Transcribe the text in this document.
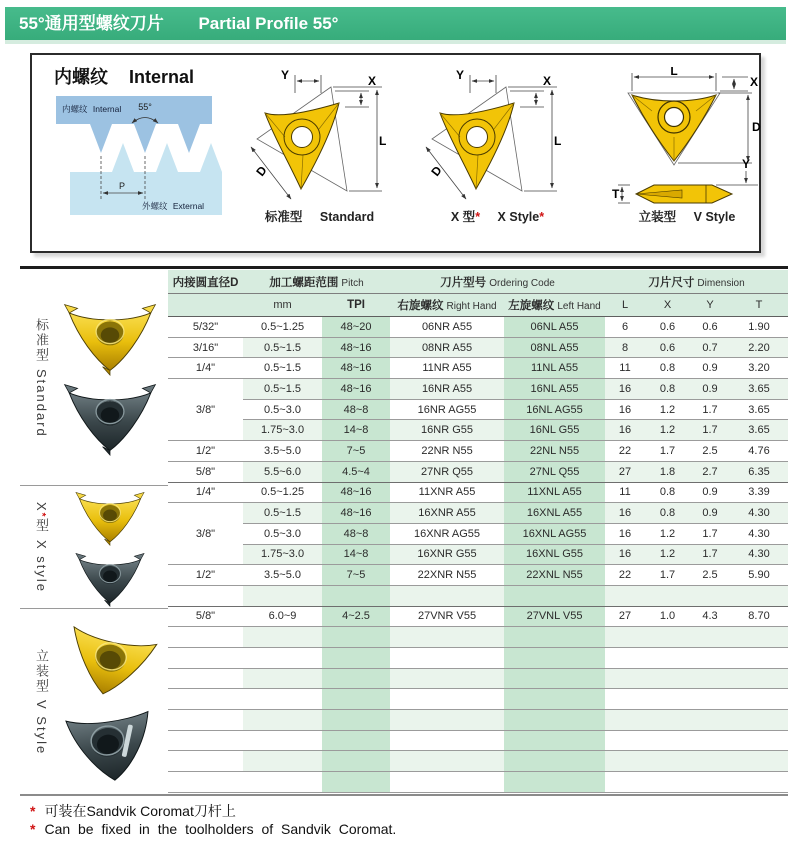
55°通用型螺纹刀片 Partial Profile 55°
内螺纹 Internal
55°
P
内螺纹 Internal
外螺纹 External
Y	X
L
D
标准型 Standard
Y	X
L
D
X 型* X Style*
L
X
D
T
Y
立装型 V Style
标准型Standard
X*型X style
立装型V Style
内接圆直径D	加工螺距范围 Pitch		刀片型号 Ordering Code		刀片尺寸 Dimension			
	mm	TPI	右旋螺纹 Right Hand	左旋螺纹 Left Hand	L	X	Y	T
5/32"	0.5~1.25	48~20	06NR A55	06NL A55	6	0.6	0.6	1.90
3/16"	0.5~1.5	48~16	08NR A55	08NL A55	8	0.6	0.7	2.20
1/4"	0.5~1.5	48~16	11NR A55	11NL A55	11	0.8	0.9	3.20
3/8"	0.5~1.5	48~16	16NR A55	16NL A55	16	0.8	0.9	3.65
	0.5~3.0	48~8	16NR AG55	16NL AG55	16	1.2	1.7	3.65
	1.75~3.0	14~8	16NR G55	16NL G55	16	1.2	1.7	3.65
1/2"	3.5~5.0	7~5	22NR N55	22NL N55	22	1.7	2.5	4.76
5/8"	5.5~6.0	4.5~4	27NR Q55	27NL Q55	27	1.8	2.7	6.35
1/4"	0.5~1.25	48~16	11XNR A55	11XNL A55	11	0.8	0.9	3.39
3/8"	0.5~1.5	48~16	16XNR A55	16XNL A55	16	0.8	0.9	4.30
	0.5~3.0	48~8	16XNR AG55	16XNL AG55	16	1.2	1.7	4.30
	1.75~3.0	14~8	16XNR G55	16XNL G55	16	1.2	1.7	4.30
1/2"	3.5~5.0	7~5	22XNR N55	22XNL N55	22	1.7	2.5	5.90

5/8"	6.0~9	4~2.5	27VNR V55	27VNL V55	27	1.0	4.3	8.70

* 可装在Sandvik Coromat刀杆上
* Can be fixed in the toolholders of Sandvik Coromat.
